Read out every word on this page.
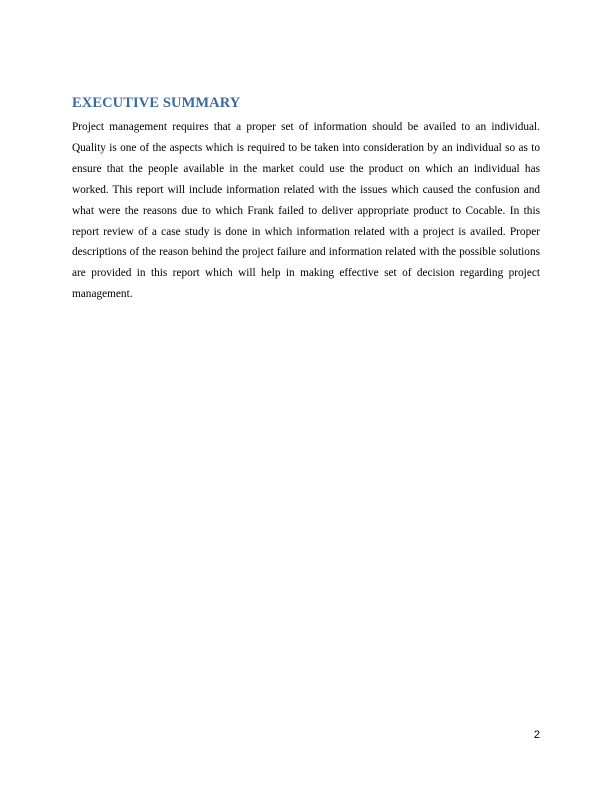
EXECUTIVE SUMMARY

Project management requires that a proper set of information should be availed to an individual. Quality is one of the aspects which is required to be taken into consideration by an individual so as to ensure that the people available in the market could use the product on which an individual has worked. This report will include information related with the issues which caused the confusion and what were the reasons due to which Frank failed to deliver appropriate product to Cocable. In this report review of a case study is done in which information related with a project is availed. Proper descriptions of the reason behind the project failure and information related with the possible solutions are provided in this report which will help in making effective set of decision regarding project management.

2
